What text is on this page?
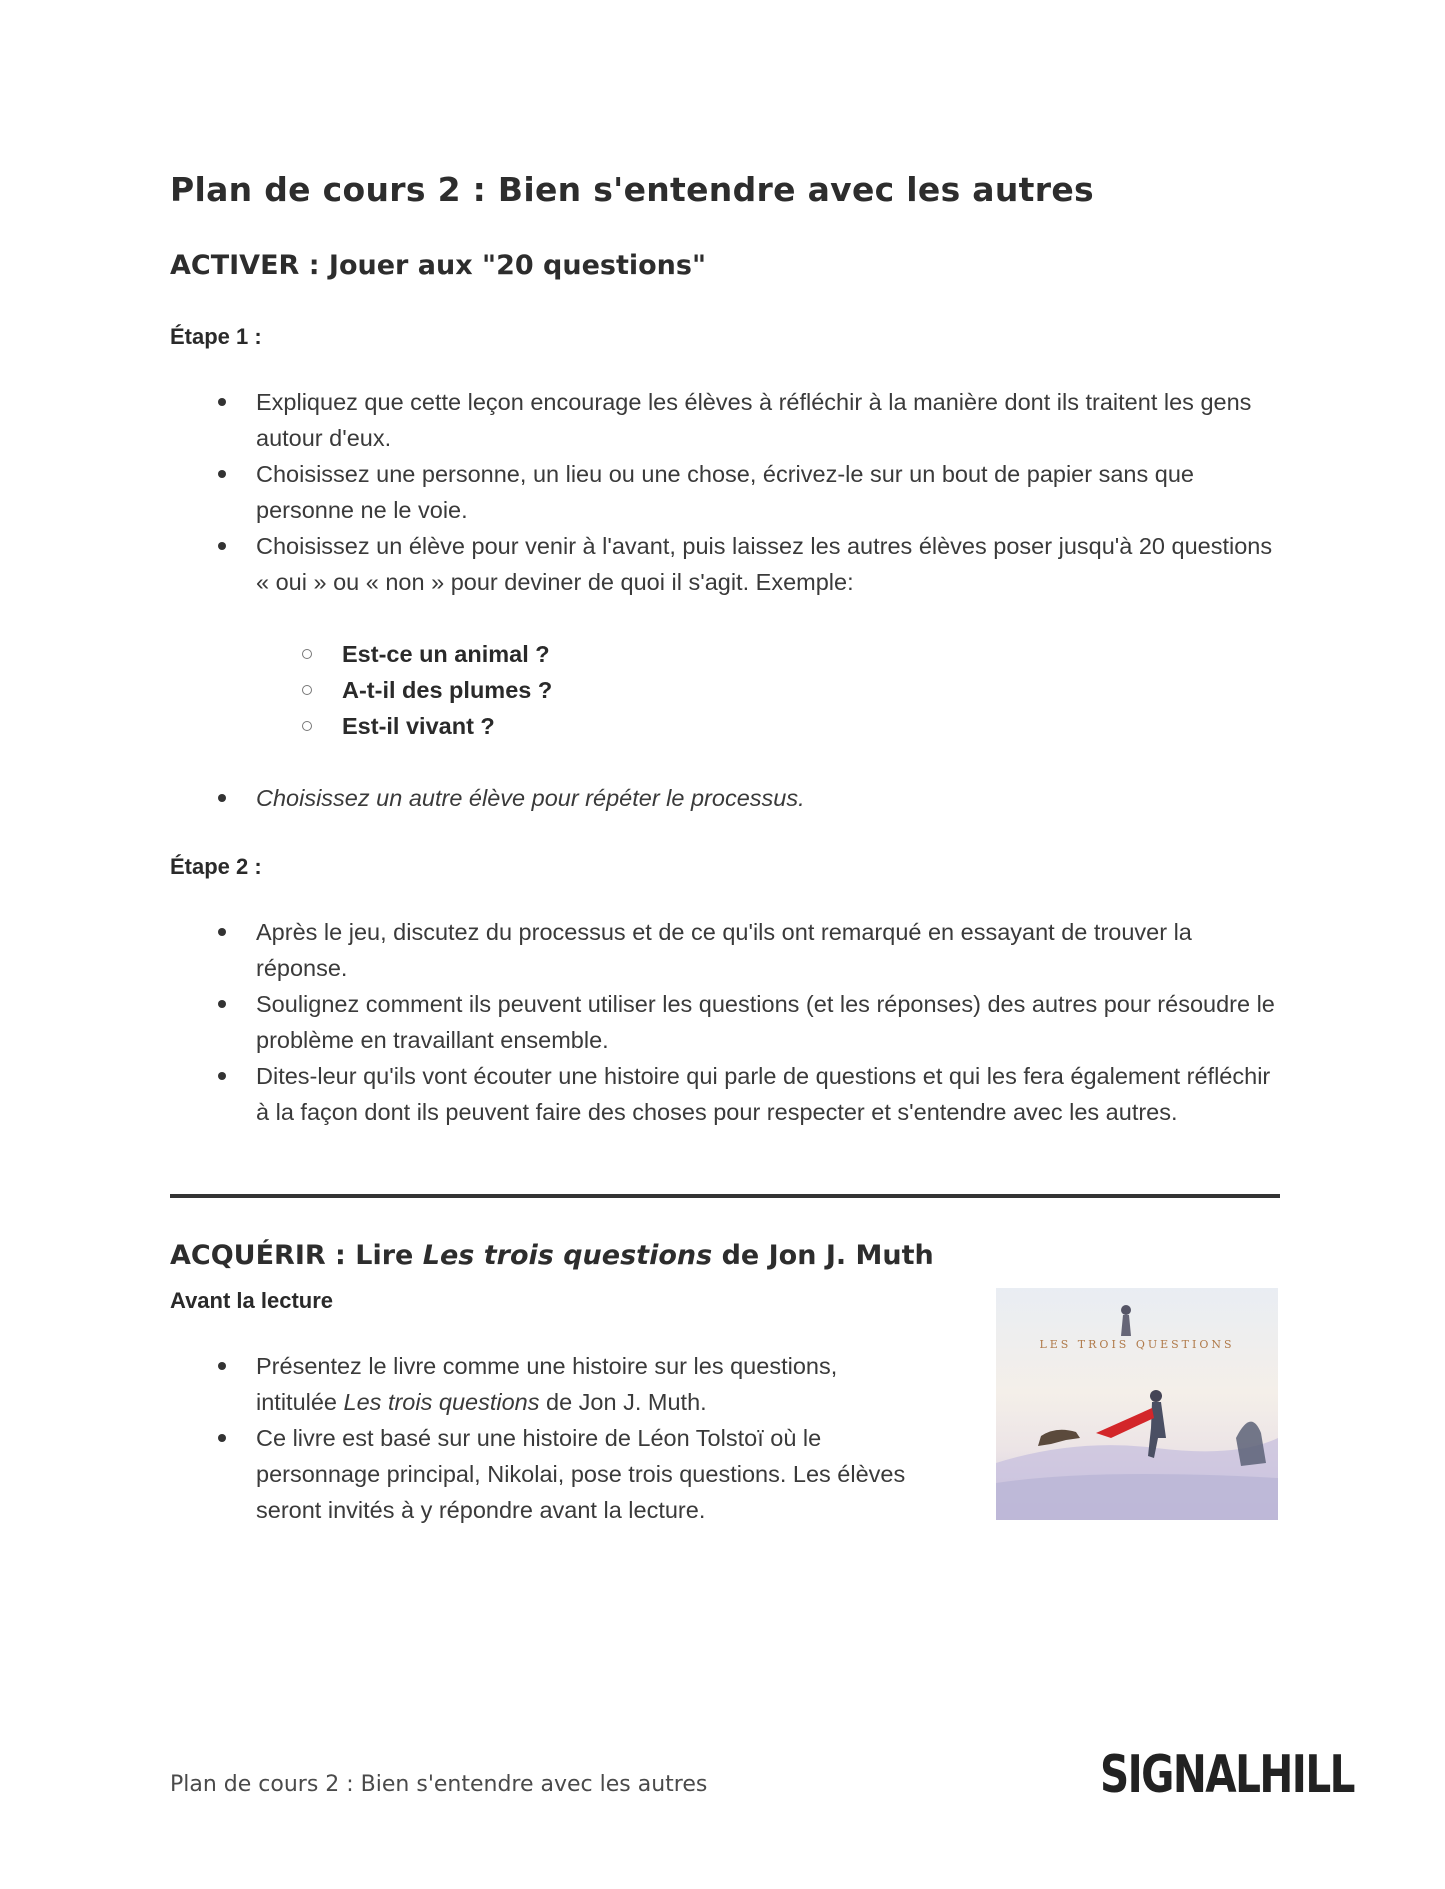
Plan de cours 2 : Bien s'entendre avec les autres
ACTIVER : Jouer aux "20 questions"

Étape 1 :

Expliquez que cette leçon encourage les élèves à réfléchir à la manière dont ils traitent les gens autour d'eux.
Choisissez une personne, un lieu ou une chose, écrivez-le sur un bout de papier sans que personne ne le voie.
Choisissez un élève pour venir à l'avant, puis laissez les autres élèves poser jusqu'à 20 questions « oui » ou « non » pour deviner de quoi il s'agit. Exemple:
Est-ce un animal ?
A-t-il des plumes ?
Est-il vivant ?
Choisissez un autre élève pour répéter le processus.

Étape 2 :

Après le jeu, discutez du processus et de ce qu'ils ont remarqué en essayant de trouver la réponse.
Soulignez comment ils peuvent utiliser les questions (et les réponses) des autres pour résoudre le problème en travaillant ensemble.
Dites-leur qu'ils vont écouter une histoire qui parle de questions et qui les fera également réfléchir à la façon dont ils peuvent faire des choses pour respecter et s'entendre avec les autres.
ACQUÉRIR : Lire Les trois questions de Jon J. Muth
LES TROIS QUESTIONS

Avant la lecture

Présentez le livre comme une histoire sur les questions, intitulée Les trois questions de Jon J. Muth.
Ce livre est basé sur une histoire de Léon Tolstoï où le personnage principal, Nikolai, pose trois questions. Les élèves seront invités à y répondre avant la lecture.
Plan de cours 2 : Bien s'entendre avec les autres	SIGNALHILL
